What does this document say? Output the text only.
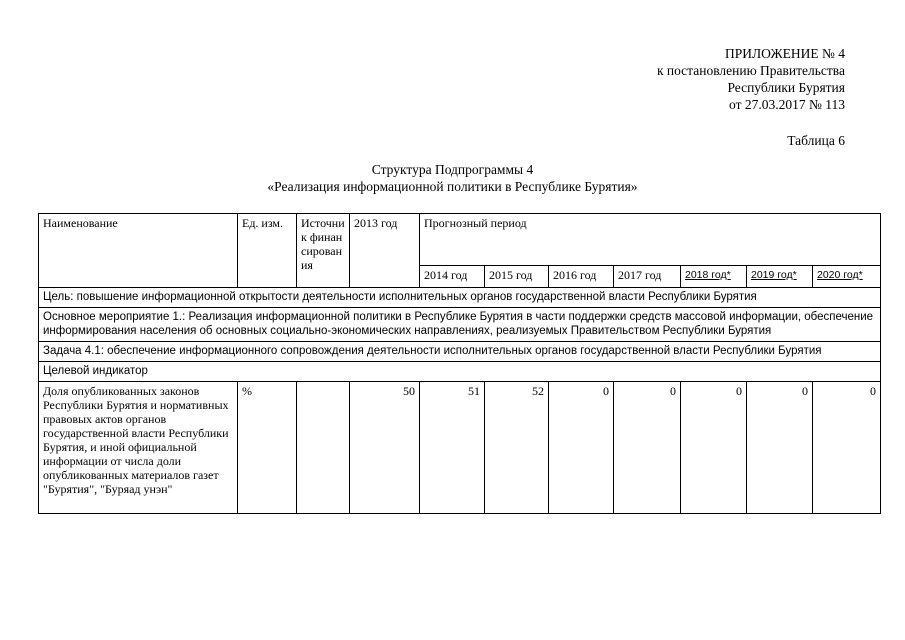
ПРИЛОЖЕНИЕ № 4
к постановлению Правительства
Республики Бурятия
от 27.03.2017 № 113
Таблица 6
Структура Подпрограммы 4
«Реализация информационной политики в Республике Бурятия»
Наименование	Ед. изм.	Источник финансирования	2013 год	Прогнозный период						
				2014 год	2015 год	2016 год	2017 год	2018 год*	2019 год*	2020 год*
Цель: повышение информационной открытости деятельности исполнительных органов государственной власти Республики Бурятия										
Основное мероприятие 1.: Реализация информационной политики в Республике Бурятия в части поддержки средств массовой информации, обеспечение информирования населения об основных социально-экономических направлениях, реализуемых Правительством Республики Бурятия										
Задача 4.1: обеспечение информационного сопровождения деятельности исполнительных органов государственной власти Республики Бурятия										
Целевой индикатор										
Доля опубликованных законов Республики Бурятия и нормативных правовых актов органов государственной власти Республики Бурятия, и иной официальной информации от числа доли опубликованных материалов газет "Бурятия", "Буряад унэн"	%		50	51	52	0	0	0	0	0
